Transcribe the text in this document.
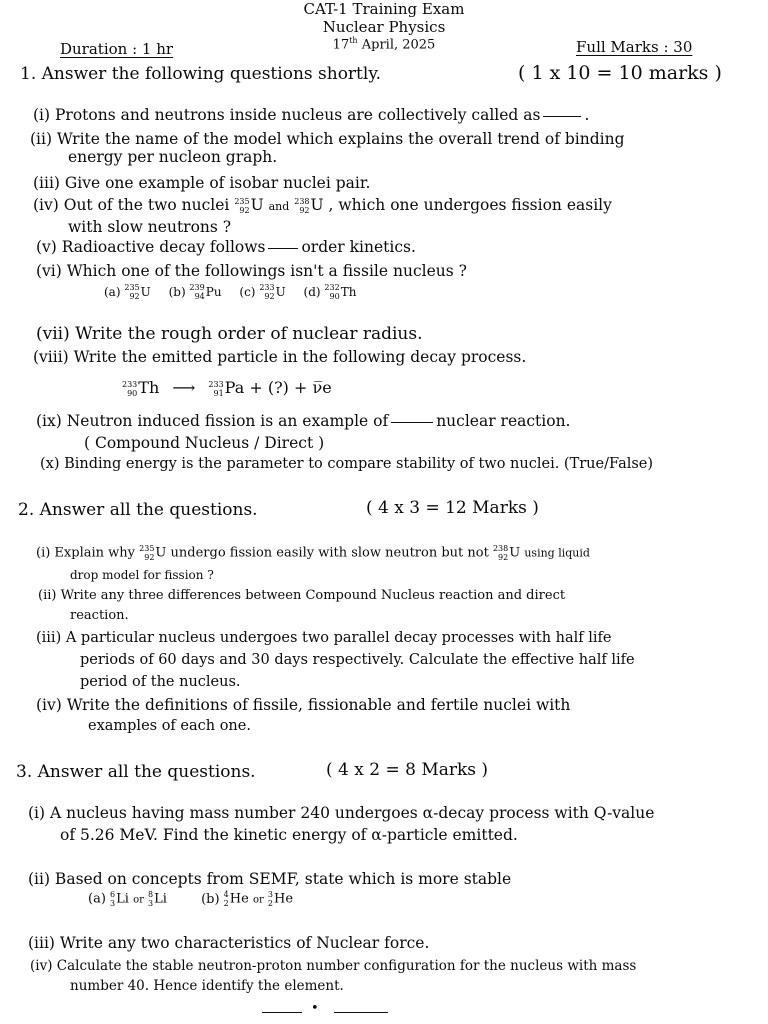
CAT-1 Training Exam
Nuclear Physics
17th April, 2025
Duration : 1 hr	Full Marks : 30
1. Answer the following questions shortly.	( 1 x 10 = 10 marks )
(i) Protons and neutrons inside nucleus are collectively called as	.
(ii) Write the name of the model which explains the overall trend of binding
energy per nucleon graph.
(iii) Give one example of isobar nuclei pair.
(iv) Out of the two nuclei 235
92 U and 238
92 U , which one undergoes fission easily
with slow neutrons ?
(v) Radioactive decay follows order kinetics.
(vi) Which one of the followings isn't a fissile nucleus ?
(a) 235
92 U (b) 239
94 Pu (c) 233
92 U (d) 232
90 Th
(vii) Write the rough order of nuclear radius.
(viii) Write the emitted particle in the following decay process.
233
90 Th ⟶ 233
91 Pa + (?) + ν̅e
(ix) Neutron induced fission is an example of	nuclear reaction.
( Compound Nucleus / Direct )
(x) Binding energy is the parameter to compare stability of two nuclei. (True/False)
2. Answer all the questions.	( 4 x 3 = 12 Marks )
(i) Explain why 235
92 U undergo fission easily with slow neutron but not 238
92 U using liquid
drop model for fission ?
(ii) Write any three differences between Compound Nucleus reaction and direct
reaction.
(iii) A particular nucleus undergoes two parallel decay processes with half life
periods of 60 days and 30 days respectively. Calculate the effective half life
period of the nucleus.
(iv) Write the definitions of fissile, fissionable and fertile nuclei with
examples of each one.
3. Answer all the questions.	( 4 x 2 = 8 Marks )
(i) A nucleus having mass number 240 undergoes α-decay process with Q-value
of 5.26 MeV. Find the kinetic energy of α-particle emitted.
(ii) Based on concepts from SEMF, state which is more stable
(a) 6
3 Li or 8
3 Li	(b) 4
2 He or 3
2 He
(iii) Write any two characteristics of Nuclear force.
(iv) Calculate the stable neutron-proton number configuration for the nucleus with mass
number 40. Hence identify the element.
•
